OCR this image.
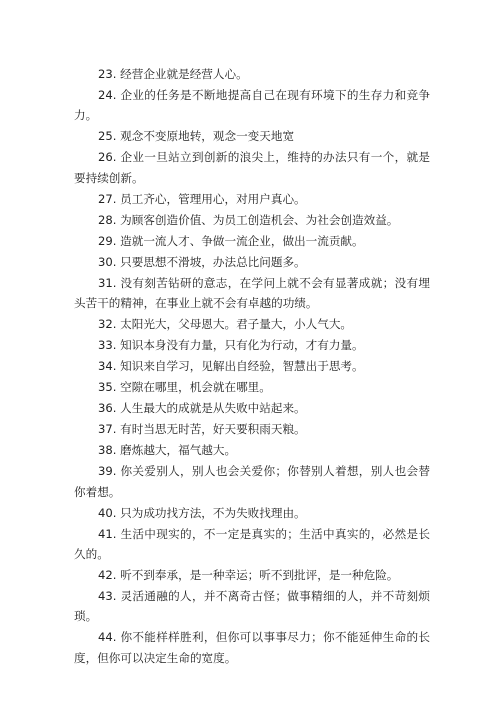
23. 经营企业就是经营人心。

24. 企业的任务是不断地提高自己在现有环境下的生存力和竞争力。

25. 观念不变原地转，观念一变天地宽

26. 企业一旦站立到创新的浪尖上，维持的办法只有一个，就是要持续创新。

27. 员工齐心，管理用心，对用户真心。

28. 为顾客创造价值、为员工创造机会、为社会创造效益。

29. 造就一流人才、争做一流企业，做出一流贡献。

30. 只要思想不滑坡，办法总比问题多。

31. 没有刻苦钻研的意志，在学问上就不会有显著成就；没有埋头苦干的精神，在事业上就不会有卓越的功绩。

32. 太阳光大，父母恩大。君子量大，小人气大。

33. 知识本身没有力量，只有化为行动，才有力量。

34. 知识来自学习，见解出自经验，智慧出于思考。

35. 空隙在哪里，机会就在哪里。

36. 人生最大的成就是从失败中站起来。

37. 有时当思无时苦，好天要积雨天粮。

38. 磨炼越大，福气越大。

39. 你关爱别人，别人也会关爱你；你替别人着想，别人也会替你着想。

40. 只为成功找方法，不为失败找理由。

41. 生活中现实的，不一定是真实的；生活中真实的，必然是长久的。

42. 听不到奉承，是一种幸运；听不到批评，是一种危险。

43. 灵活通融的人，并不离奇古怪；做事精细的人，并不苛刻烦琐。

44. 你不能样样胜利，但你可以事事尽力；你不能延伸生命的长度，但你可以决定生命的宽度。
